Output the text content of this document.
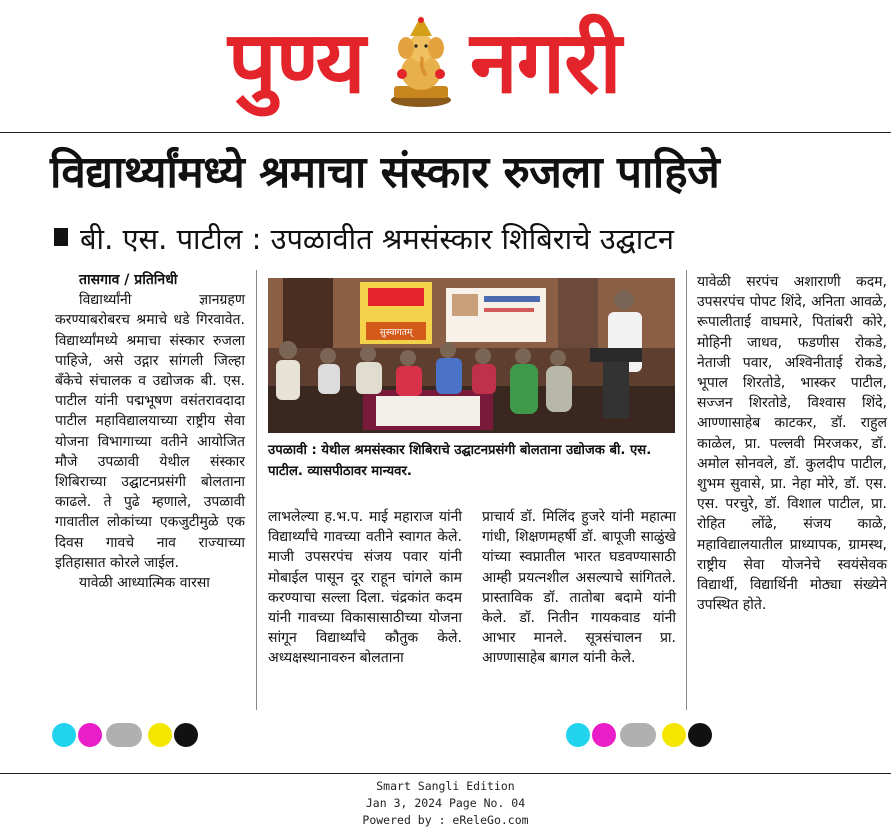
पुण्य नगरी
विद्यार्थ्यांमध्ये श्रमाचा संस्कार रुजला पाहिजे
बी. एस. पाटील : उपळावीत श्रमसंस्कार शिबिराचे उद्घाटन
तासगाव / प्रतिनिधी
विद्यार्थ्यांनी ज्ञानग्रहण करण्याबरोबरच श्रमाचे धडे गिरवावेत. विद्यार्थ्यांमध्ये श्रमाचा संस्कार रुजला पाहिजे, असे उद्गार सांगली जिल्हा बँकेचे संचालक व उद्योजक बी. एस. पाटील यांनी पद्मभूषण वसंतरावदादा पाटील महाविद्यालयाच्या राष्ट्रीय सेवा योजना विभागाच्या वतीने आयोजित मौजे उपळावी येथील संस्कार शिबिराच्या उद्घाटनप्रसंगी बोलताना काढले. ते पुढे म्हणाले, उपळावी गावातील लोकांच्या एकजुटीमुळे एक दिवस गावचे नाव राज्याच्या इतिहासात कोरले जाईल.
यावेळी आध्यात्मिक वारसा
सुस्वागतम्
उपळावी : येथील श्रमसंस्कार शिबिराचे उद्घाटनप्रसंगी बोलताना उद्योजक बी. एस. पाटील. व्यासपीठावर मान्यवर.
लाभलेल्या ह.भ.प. माई महाराज यांनी विद्यार्थ्यांचे गावच्या वतीने स्वागत केले. माजी उपसरपंच संजय पवार यांनी मोबाईल पासून दूर राहून चांगले काम करण्याचा सल्ला दिला. चंद्रकांत कदम यांनी गावच्या विकासासाठीच्या योजना सांगून विद्यार्थ्यांचे कौतुक केले. अध्यक्षस्थानावरुन बोलताना
प्राचार्य डॉ. मिलिंद हुजरे यांनी महात्मा गांधी, शिक्षणमहर्षी डॉ. बापूजी साळुंखे यांच्या स्वप्नातील भारत घडवण्यासाठी आम्ही प्रयत्नशील असल्याचे सांगितले. प्रास्ताविक डॉ. तातोबा बदामे यांनी केले. डॉ. नितीन गायकवाड यांनी आभार मानले. सूत्रसंचालन प्रा. आण्णासाहेब बागल यांनी केले.
यावेळी सरपंच अशाराणी कदम, उपसरपंच पोपट शिंदे, अनिता आवळे, रूपालीताई वाघमारे, पितांबरी कोरे, मोहिनी जाधव, फडणीस रोकडे, नेताजी पवार, अश्विनीताई रोकडे, भूपाल शिरतोडे, भास्कर पाटील, सज्जन शिरतोडे, विश्वास शिंदे, आण्णासाहेब काटकर, डॉ. राहुल काळेल, प्रा. पल्लवी मिरजकर, डॉ. अमोल सोनवले, डॉ. कुलदीप पाटील, शुभम सुवासे, प्रा. नेहा मोरे, डॉ. एस. एस. परचुरे, डॉ. विशाल पाटील, प्रा. रोहित लोंढे, संजय काळे, महाविद्यालयातील प्राध्यापक, ग्रामस्थ, राष्ट्रीय सेवा योजनेचे स्वयंसेवक विद्यार्थी, विद्यार्थिनी मोठ्या संख्येने उपस्थित होते.
Smart Sangli Edition
Jan 3, 2024 Page No. 04
Powered by : eReleGo.com
